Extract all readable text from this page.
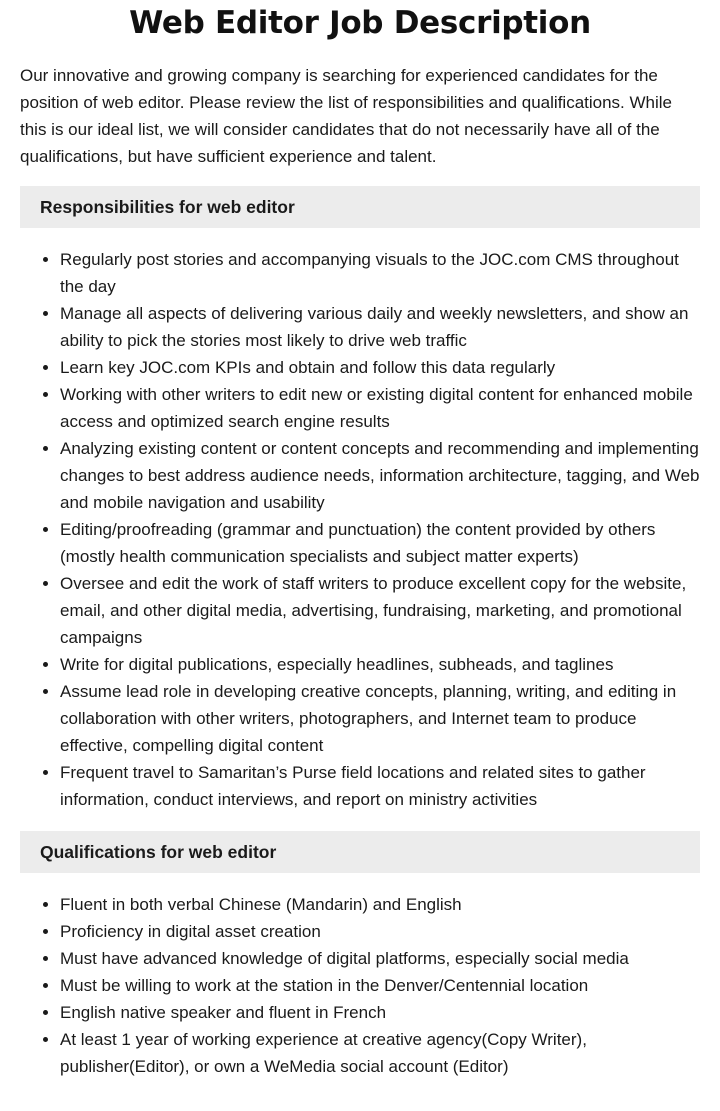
Web Editor Job Description

Our innovative and growing company is searching for experienced candidates for the position of web editor. Please review the list of responsibilities and qualifications. While this is our ideal list, we will consider candidates that do not necessarily have all of the qualifications, but have sufficient experience and talent.

Responsibilities for web editor
• Regularly post stories and accompanying visuals to the JOC.com CMS throughout the day
• Manage all aspects of delivering various daily and weekly newsletters, and show an ability to pick the stories most likely to drive web traffic
• Learn key JOC.com KPIs and obtain and follow this data regularly
• Working with other writers to edit new or existing digital content for enhanced mobile access and optimized search engine results
• Analyzing existing content or content concepts and recommending and implementing changes to best address audience needs, information architecture, tagging, and Web and mobile navigation and usability
• Editing/proofreading (grammar and punctuation) the content provided by others (mostly health communication specialists and subject matter experts)
• Oversee and edit the work of staff writers to produce excellent copy for the website, email, and other digital media, advertising, fundraising, marketing, and promotional campaigns
• Write for digital publications, especially headlines, subheads, and taglines
• Assume lead role in developing creative concepts, planning, writing, and editing in collaboration with other writers, photographers, and Internet team to produce effective, compelling digital content
• Frequent travel to Samaritan’s Purse field locations and related sites to gather information, conduct interviews, and report on ministry activities
Qualifications for web editor
• Fluent in both verbal Chinese (Mandarin) and English
• Proficiency in digital asset creation
• Must have advanced knowledge of digital platforms, especially social media
• Must be willing to work at the station in the Denver/Centennial location
• English native speaker and fluent in French
• At least 1 year of working experience at creative agency(Copy Writer), publisher(Editor), or own a WeMedia social account (Editor)
